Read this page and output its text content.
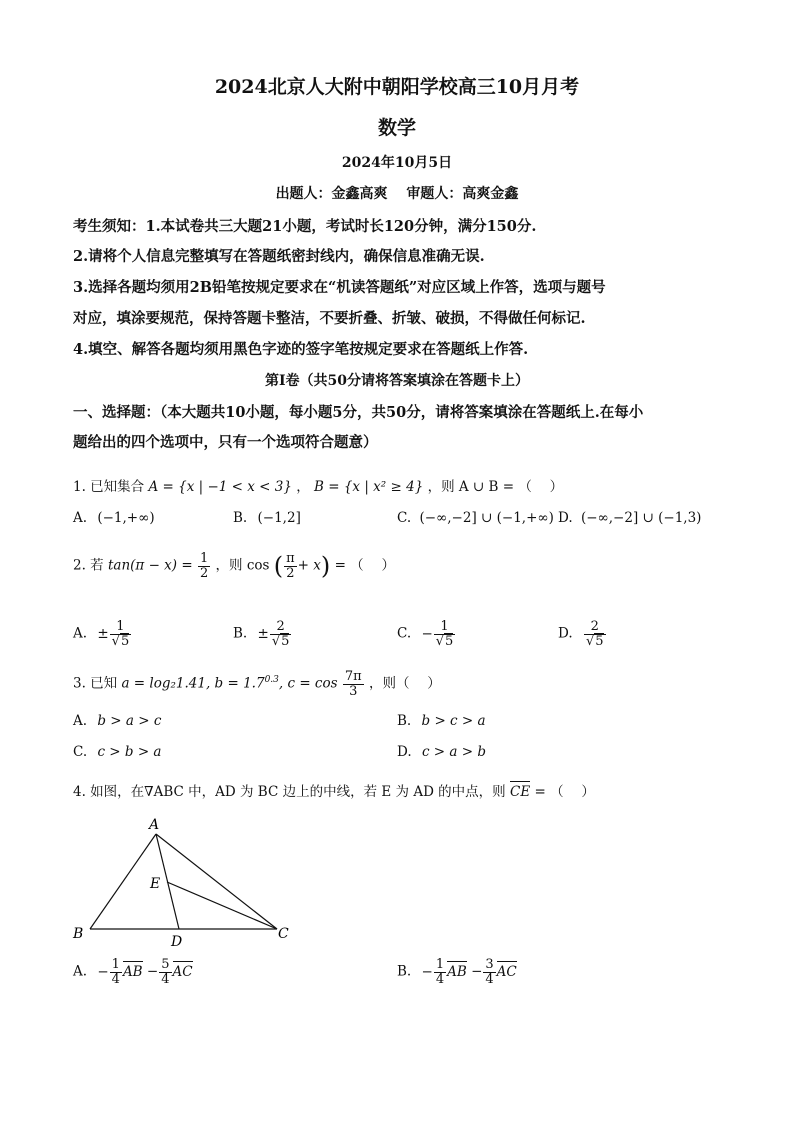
2024北京人大附中朝阳学校高三10月月考
数学
2024年10月5日
出题人：金鑫高爽　 审题人：高爽金鑫
考生须知：1.本试卷共三大题21小题，考试时长120分钟，满分150分.
2.请将个人信息完整填写在答题纸密封线内，确保信息准确无误.
3.选择各题均须用2B铅笔按规定要求在“机读答题纸”对应区域上作答，选项与题号
对应，填涂要规范，保持答题卡整洁，不要折叠、折皱、破损，不得做任何标记.
4.填空、解答各题均须用黑色字迹的签字笔按规定要求在答题纸上作答.
第Ⅰ卷（共50分请将答案填涂在答题卡上）
一、选择题：（本大题共10小题，每小题5分，共50分，请将答案填涂在答题纸上.在每小
题给出的四个选项中，只有一个选项符合题意）
1. 已知集合 A = {x | −1 < x < 3} ， B = {x | x² ≥ 4} ，则 A ∪ B = （　 ）
A. (−1,+∞)	B. (−1,2]	C. (−∞,−2] ∪ (−1,+∞) D. (−∞,−2] ∪ (−1,3)
2. 若 $\tan(\pi - x) = \frac{1}{2}$ ，则 cos ( $\frac{\pi}{2} + x$) = （　 ）
A. ± $\frac{1}{√5}$	B. ± $\frac{2}{√5}$	C. − $\frac{1}{√5}$	D. $\frac{2}{√5}$
3. 已知 a = log₂1.41, $b = 1.7^{0.3}$, $c = \cos \frac{7\pi}{3}$ ，则（　 ）
A. b > a > c	B. b > c > a
C. c > b > a	D. c > a > b
4. 如图，在∇ABC 中，AD 为 BC 边上的中线，若 E 为 AD 的中点，则 CE = （　 ）
A
B	C
D
E
A. − $\frac{1}{4}$ AB − $\frac{5}{4}$ AC	B. − $\frac{1}{4}$ AB − $\frac{3}{4}$ AC
